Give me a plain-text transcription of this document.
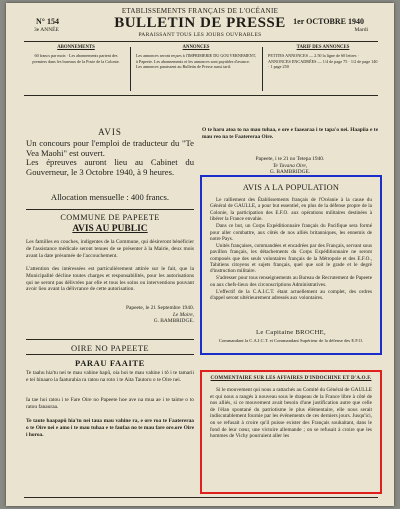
ETABLISSEMENTS FRANÇAIS DE L'OCÉANIE
N° 154
3e ANNÉE	BULLETIN DE PRESSE
PARAISSANT TOUS LES JOURS OUVRABLES
1er OCTOBRE 1940
Mardi
ABONNEMENTS
60 francs par mois · Les abonnements partent des premiers dans les bureaux de la Poste de la Colonie.
ANNONCES
Les annonces seront reçues à l'IMPRIMERIE DU GOUVERNEMENT, à Papeete. Les abonnements et les annonces sont payables d'avance. Les annonces paraissent au Bulletin de Presse aussi tarif.
TARIF DES ANNONCES
PETITES ANNONCES — 2.50 la ligne de 60 lettres · ANNONCES ENCADRÉES — 1/4 de page 75 · 1/2 de page 140 · 1 page 250
AVIS
Un concours pour l'emploi de traducteur du "Te Vea Maohi" est ouvert.
Les épreuves auront lieu au Cabinet du Gouverneur, le 3 Octobre 1940, à 9 heures.
Allocation mensuelle : 400 francs.
COMMUNE DE PAPEETE
AVIS AU PUBLIC
Les familles en couches, indigentes de la Commune, qui désireront bénéficier de l'assistance médicale seront tenues de se présenter à la Mairie, deux mois avant la date présumée de l'accouchement.
L'attention des intéressées est particulièrement attirée sur le fait, que la Municipalité décline toutes charges et responsabilités, pour les autorisations qui ne seront pas délivrées par elle et tous les soins ou interventions pouvant avoir lieu avant la délivrance de cette autorisation.
Papeete, le 21 Septembre 1940.
Le Maire,
G. BAMBRIDGE.
OIRE NO PAPEETE
PARAU FAAITE
Te taahu hia'tu nei te mau vahine hapû, oia hoi te mau vahine i tô i te tamarii e tei hinaaro ia faaturahia ra ratou na roto i te Aita Tautoru o te Oire nei.
Ia tae hoi ratou i te Fare Oire no Papeete hoe ave na mua ae i te taime o to ratou fanauraa.
Te taute haapapû hia'tu nei taua mau vahine ra, e ore roa te Faatereraa o te Oire nei e amo i te mau tuhaa e te faufaa no te mau fare ore.ore Oire i horoa.
O te haru atoa to na mau tuhaa, e ore e faaearaa i te tapa'o nei. Haapiia e te mau reo na te Faatereraa Oire.
Papeete, i te 21 no Tetepa 1940.
Te Tavana Oire,
G. BAMBRIDGE.
AVIS A LA POPULATION

Le ralliement des Établissements français de l'Océanie à la cause du Général de GAULLE, a pour but essentiel, en plus de la défense propre de la Colonie, la participation des E.F.O. aux opérations militaires destinées à libérer la France envahie.

Dans ce but, un Corps Expéditionnaire français du Pacifique sera formé pour aller combattre, aux côtés de nos alliés britanniques, les ennemis de notre Pays.

Unités françaises, commandées et encadrées par des Français, servant sous pavillon français, les détachements du Corps Expéditionnaire ne seront composés que des seuls volontaires français de la Métropole et des E.F.O., Tahitiens citoyens et sujets français, quel que soit le grade et le degré d'instruction militaire.

S'adresser pour tous renseignements au Bureau de Recrutement de Papeete ou aux chefs-lieux des circonscriptions Administratives.

L'effectif de la C.A.I.C.T. étant actuellement au complet, des ordres d'appel seront ultérieurement adressés aux volontaires.

Le Capitaine BROCHE,
Commandant la C.A.I.C.T. et Commandant Supérieur de la défense des E.F.O.
COMMENTAIRE SUR LES AFFAIRES D'INDOCHINE ET D'A.O.F.
Si le mouvement qui nous a rattachés au Comité du Général de GAULLE et qui nous a rangés à nouveau sous le drapeau de la France libre à côté de nos alliés, si ce mouvement avait besoin d'une justification autre que celle de l'élan spontané du patriotisme le plus élémentaire, elle nous serait indiscutablement fournie par les événements de ces derniers jours. Jusqu'ici, on se refusait à croire qu'il puisse exister des Français souhaitant, dans le fond de leur cœur, une victoire allemande ; on se refusait à croire que les hommes de Vichy pourraient aller les
